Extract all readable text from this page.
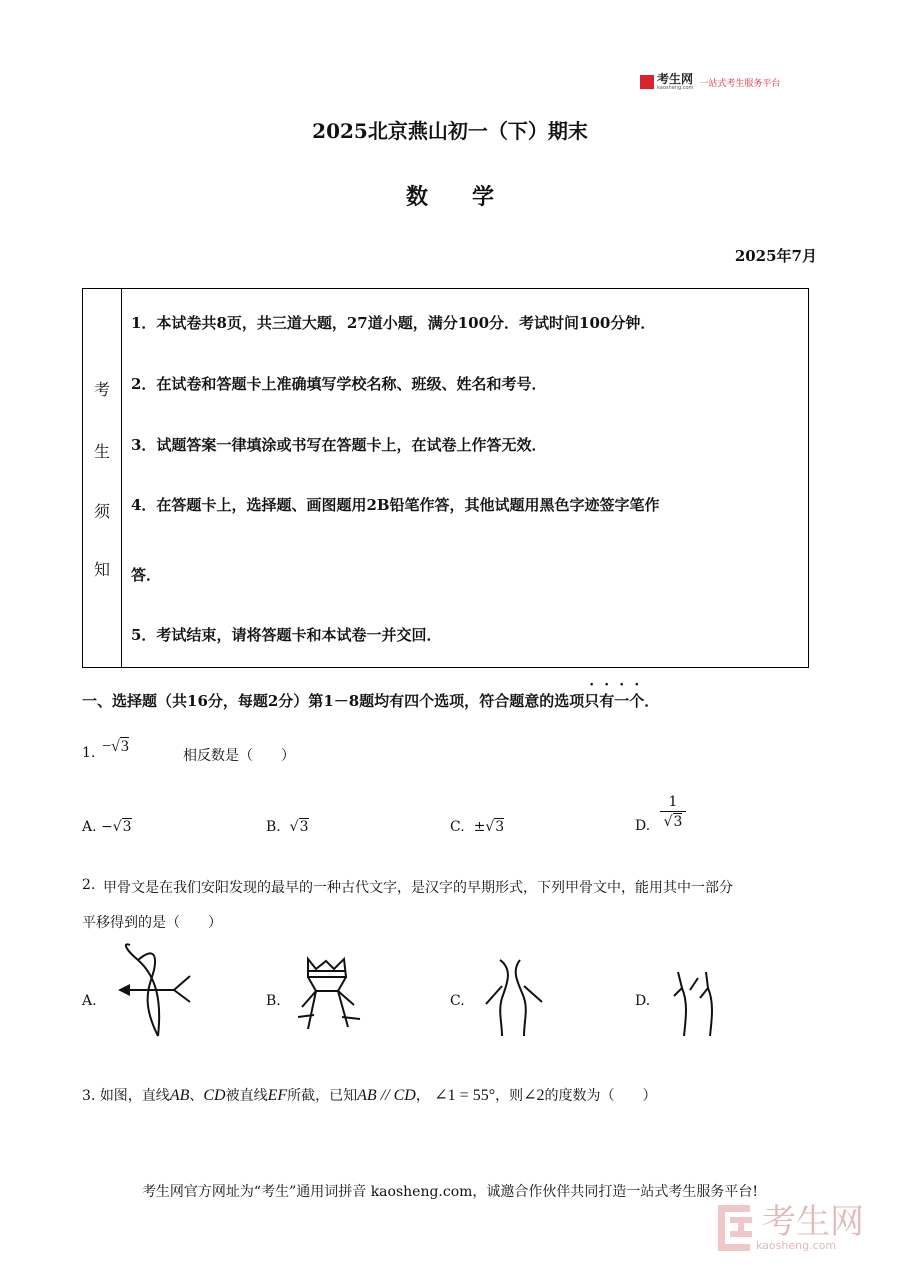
考生网
kaosheng.com 一站式考生服务平台
2025北京燕山初一（下）期末
数　　学
2025年7月
考
生
须
知
1．本试卷共8页，共三道大题，27道小题，满分100分．考试时间100分钟．
2．在试卷和答题卡上准确填写学校名称、班级、姓名和考号．
3．试题答案一律填涂或书写在答题卡上，在试卷上作答无效．
4．在答题卡上，选择题、画图题用2B铅笔作答，其他试题用黑色字迹签字笔作
答．
5．考试结束，请将答题卡和本试卷一并交回．
一、选择题（共16分，每题2分）第1－8题均有四个选项，符合题意的选项只有一个．
1. −√3
相反数是（　　）
A. −√3	B. √3	C. ±√3	D.
1
√3
2. 甲骨文是在我们安阳发现的最早的一种古代文字，是汉字的早期形式，下列甲骨文中，能用其中一部分
平移得到的是（　　）
A.	B.	C.	D.
3. 如图，直线AB、CD被直线EF所截，已知AB // CD， ∠1 = 55°，则∠2的度数为（　　）
考生网官方网址为“考生”通用词拼音 kaosheng.com，诚邀合作伙伴共同打造一站式考生服务平台!
考生网
kaosheng.com
